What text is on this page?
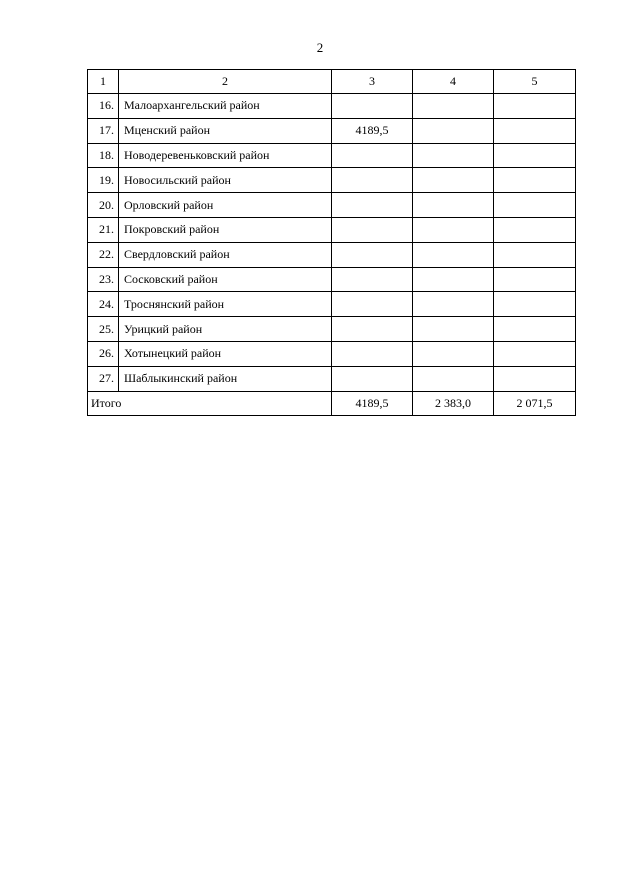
2
1	2	3	4	5
16.	Малоархангельский район			
17.	Мценский район	4189,5		
18.	Новодеревеньковский район			
19.	Новосильский район			
20.	Орловский район			
21.	Покровский район			
22.	Свердловский район			
23.	Сосковский район			
24.	Троснянский район			
25.	Урицкий район			
26.	Хотынецкий район			
27.	Шаблыкинский район			
Итого		4189,5	2 383,0	2 071,5
